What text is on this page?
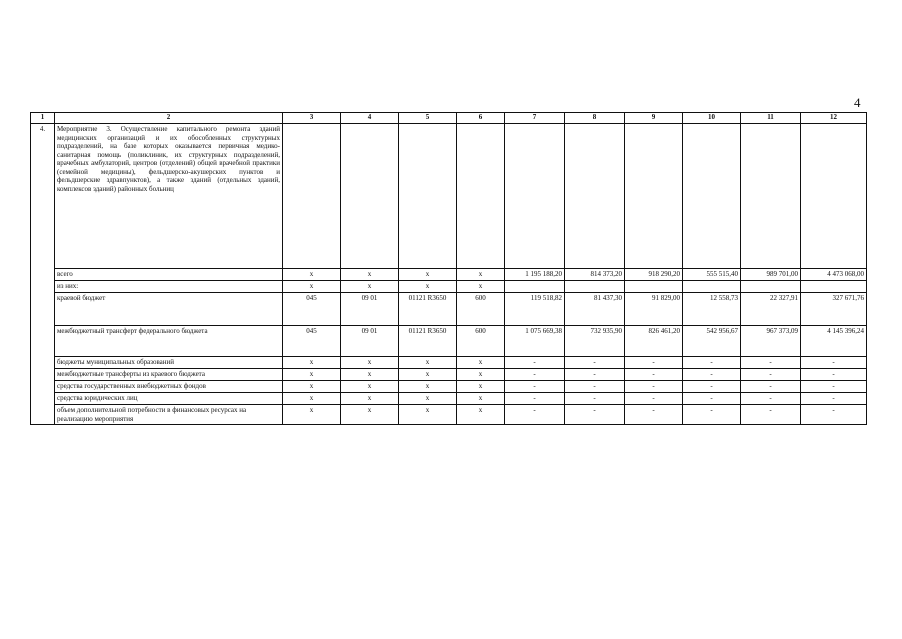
4
1	2	3	4	5	6	7	8	9	10	11	12
4.	Мероприятие 3. Осуществление капитального ремонта зданий медицинских организаций и их обособленных структурных подразделений, на базе которых оказывается первичная медико-санитарная помощь (поликлиник, их структурных подразделений, врачебных амбулаторий, центров (отделений) общей врачебной практики (семейной медицины), фельдшерско-акушерских пунктов и фельдшерские здравпунктов), а также зданий (отдельных зданий, комплексов зданий) районных больниц										
	всего	x	x	x	x	1 195 188,20	814 373,20	918 290,20	555 515,40	989 701,00	4 473 068,00
	из них:	x	x	x	x						
	краевой бюджет	045	09 01	01121 R3650	600	119 518,82	81 437,30	91 829,00	12 558,73	22 327,91	327 671,76
	межбюджетный трансферт федерального бюджета	045	09 01	01121 R3650	600	1 075 669,38	732 935,90	826 461,20	542 956,67	967 373,09	4 145 396,24
	бюджеты муниципальных образований	x	x	x	x	-	-	-	-	-	-
	межбюджетные трансферты из краевого бюджета	x	x	x	x	-	-	-	-	-	-
	средства государственных внебюджетных фондов	x	x	x	x	-	-	-	-	-	-
	средства юридических лиц	x	x	x	x	-	-	-	-	-	-
	объем дополнительной потребности в финансовых ресурсах на реализацию мероприятия	x	x	x	x	-	-	-	-	-	-
